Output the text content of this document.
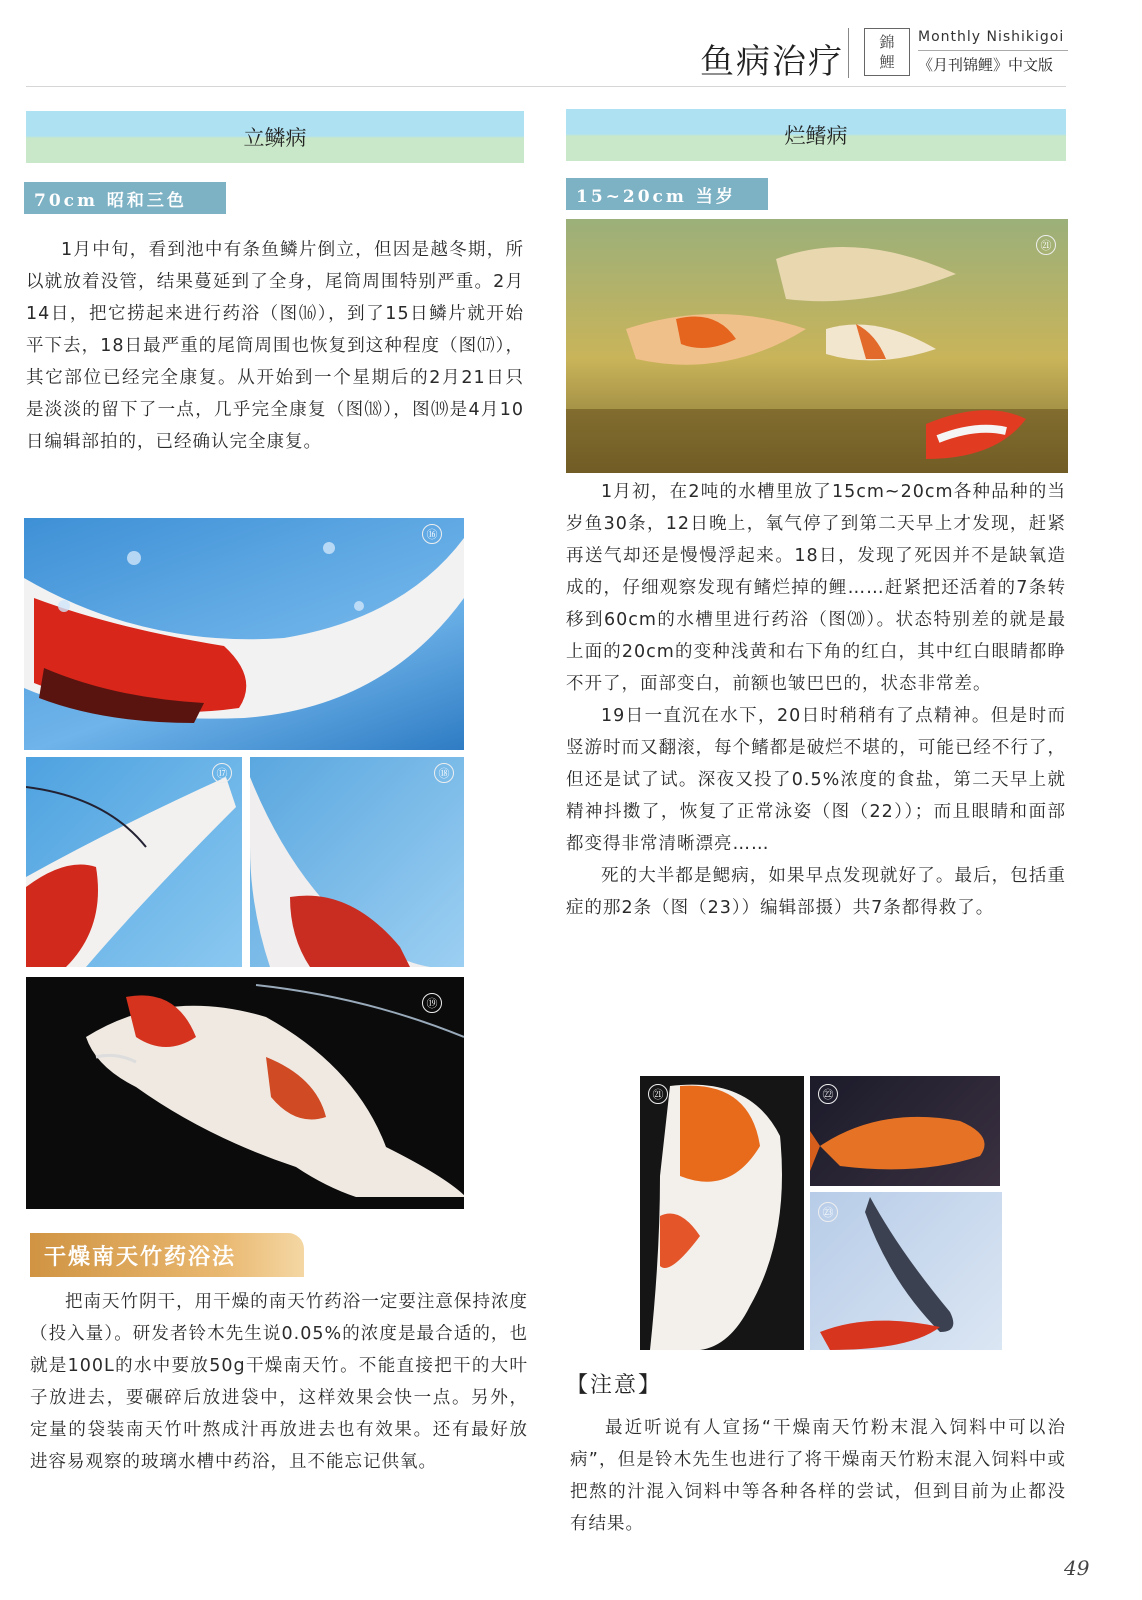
鱼病治疗 錦
鯉
Monthly Nishikigoi
《月刊锦鲤》中文版
立鳞病
70cm 昭和三色

1月中旬，看到池中有条鱼鳞片倒立，但因是越冬期，所以就放着没管，结果蔓延到了全身，尾筒周围特别严重。2月14日，把它捞起来进行药浴（图⒃），到了15日鳞片就开始平下去，18日最严重的尾筒周围也恢复到这种程度（图⒄），其它部位已经完全康复。从开始到一个星期后的2月21日只是淡淡的留下了一点，几乎完全康复（图⒅），图⒆是4月10日编辑部拍的，已经确认完全康复。

⑯
⑰	⑱
⑲
干燥南天竹药浴法

把南天竹阴干，用干燥的南天竹药浴一定要注意保持浓度（投入量）。研发者铃木先生说0.05%的浓度是最合适的，也就是100L的水中要放50g干燥南天竹。不能直接把干的大叶子放进去，要碾碎后放进袋中，这样效果会快一点。另外，定量的袋装南天竹叶熬成汁再放进去也有效果。还有最好放进容易观察的玻璃水槽中药浴，且不能忘记供氧。

烂鳍病
15~20cm 当岁
㉑

1月初，在2吨的水槽里放了15cm~20cm各种品种的当岁鱼30条，12日晚上，氧气停了到第二天早上才发现，赶紧再送气却还是慢慢浮起来。18日，发现了死因并不是缺氧造成的，仔细观察发现有鳍烂掉的鲤……赶紧把还活着的7条转移到60cm的水槽里进行药浴（图⒇）。状态特别差的就是最上面的20cm的变种浅黄和右下角的红白，其中红白眼睛都睁不开了，面部变白，前额也皱巴巴的，状态非常差。

19日一直沉在水下，20日时稍稍有了点精神。但是时而竖游时而又翻滚，每个鳍都是破烂不堪的，可能已经不行了，但还是试了试。深夜又投了0.5%浓度的食盐，第二天早上就精神抖擞了，恢复了正常泳姿（图（22））；而且眼睛和面部都变得非常清晰漂亮……

死的大半都是鳃病，如果早点发现就好了。最后，包括重症的那2条（图（23））编辑部摄）共7条都得救了。

㉑	㉒
㉓
【注意】

最近听说有人宣扬“干燥南天竹粉末混入饲料中可以治病”，但是铃木先生也进行了将干燥南天竹粉末混入饲料中或把熬的汁混入饲料中等各种各样的尝试，但到目前为止都没有结果。

49
